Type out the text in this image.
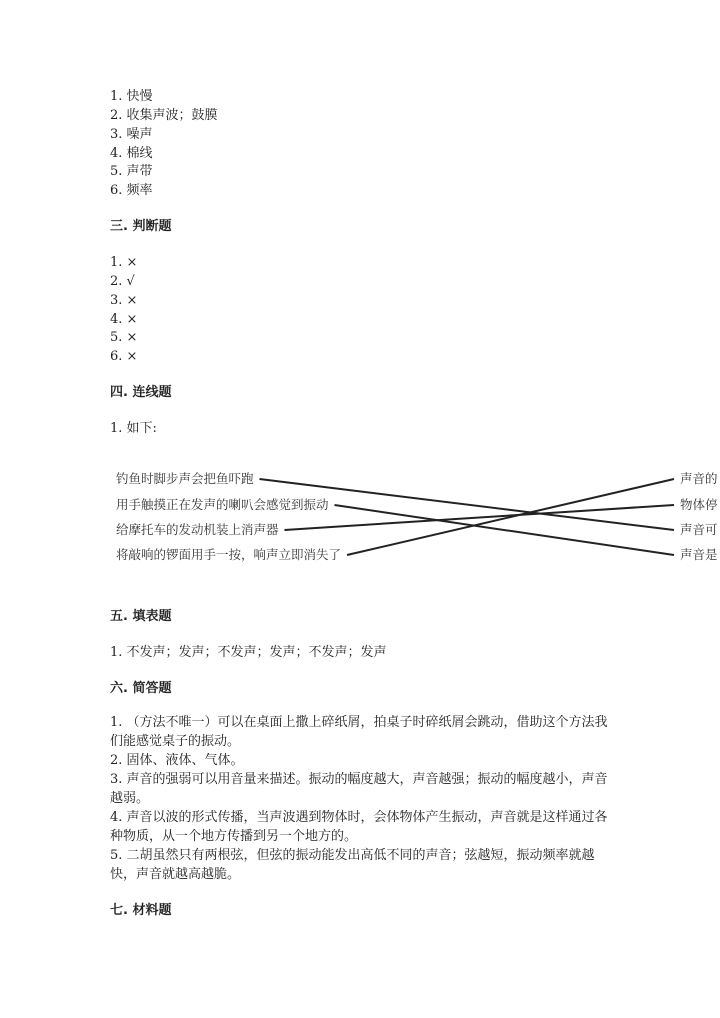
1. 快慢
2. 收集声波；鼓膜
3. 噪声
4. 棉线
5. 声带
6. 频率
三. 判断题
1. ×
2. √
3. ×
4. ×
5. ×
6. ×
四. 连线题
1. 如下:
钓鱼时脚步声会把鱼吓跑
用手触摸正在发声的喇叭会感觉到振动
给摩托车的发动机装上消声器
将敲响的锣面用手一按，响声立即消失了
声音的
物体停
声音可
声音是
五. 填表题
1. 不发声；发声；不发声；发声；不发声；发声
六. 简答题
1. （方法不唯一）可以在桌面上撒上碎纸屑，拍桌子时碎纸屑会跳动，借助这个方法我们能感觉桌子的振动。
2. 固体、液体、气体。
3. 声音的强弱可以用音量来描述。振动的幅度越大，声音越强；振动的幅度越小，声音越弱。
4. 声音以波的形式传播，当声波遇到物体时，会体物体产生振动，声音就是这样通过各种物质，从一个地方传播到另一个地方的。
5. 二胡虽然只有两根弦，但弦的振动能发出高低不同的声音；弦越短，振动频率就越快，声音就越高越脆。
七. 材料题
